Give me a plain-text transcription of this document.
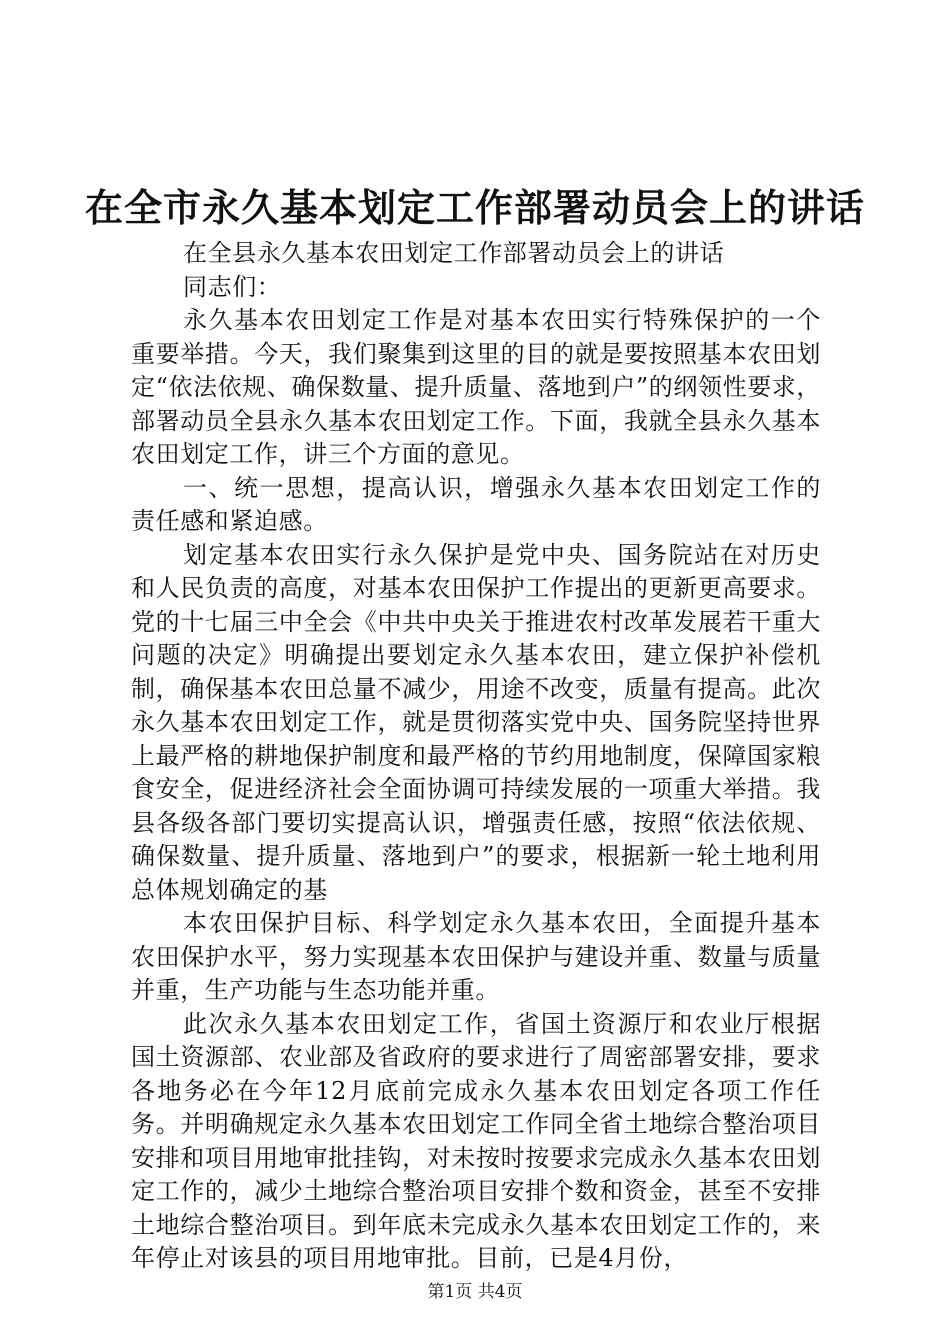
在全市永久基本划定工作部署动员会上的讲话

在全县永久基本农田划定工作部署动员会上的讲话

同志们：

永久基本农田划定工作是对基本农田实行特殊保护的一个重要举措。今天，我们聚集到这里的目的就是要按照基本农田划定“依法依规、确保数量、提升质量、落地到户”的纲领性要求，部署动员全县永久基本农田划定工作。下面，我就全县永久基本农田划定工作，讲三个方面的意见。

一、统一思想，提高认识，增强永久基本农田划定工作的责任感和紧迫感。

划定基本农田实行永久保护是党中央、国务院站在对历史和人民负责的高度，对基本农田保护工作提出的更新更高要求。党的十七届三中全会《中共中央关于推进农村改革发展若干重大问题的决定》明确提出要划定永久基本农田，建立保护补偿机制，确保基本农田总量不减少，用途不改变，质量有提高。此次永久基本农田划定工作，就是贯彻落实党中央、国务院坚持世界上最严格的耕地保护制度和最严格的节约用地制度，保障国家粮食安全，促进经济社会全面协调可持续发展的一项重大举措。我县各级各部门要切实提高认识，增强责任感，按照“依法依规、确保数量、提升质量、落地到户”的要求，根据新一轮土地利用总体规划确定的基

本农田保护目标、科学划定永久基本农田，全面提升基本农田保护水平，努力实现基本农田保护与建设并重、数量与质量并重，生产功能与生态功能并重。

此次永久基本农田划定工作，省国土资源厅和农业厅根据国土资源部、农业部及省政府的要求进行了周密部署安排，要求各地务必在今年12月底前完成永久基本农田划定各项工作任务。并明确规定永久基本农田划定工作同全省土地综合整治项目安排和项目用地审批挂钩，对未按时按要求完成永久基本农田划定工作的，减少土地综合整治项目安排个数和资金，甚至不安排土地综合整治项目。到年底未完成永久基本农田划定工作的，来年停止对该县的项目用地审批。目前，已是4月份，

第1页 共4页
